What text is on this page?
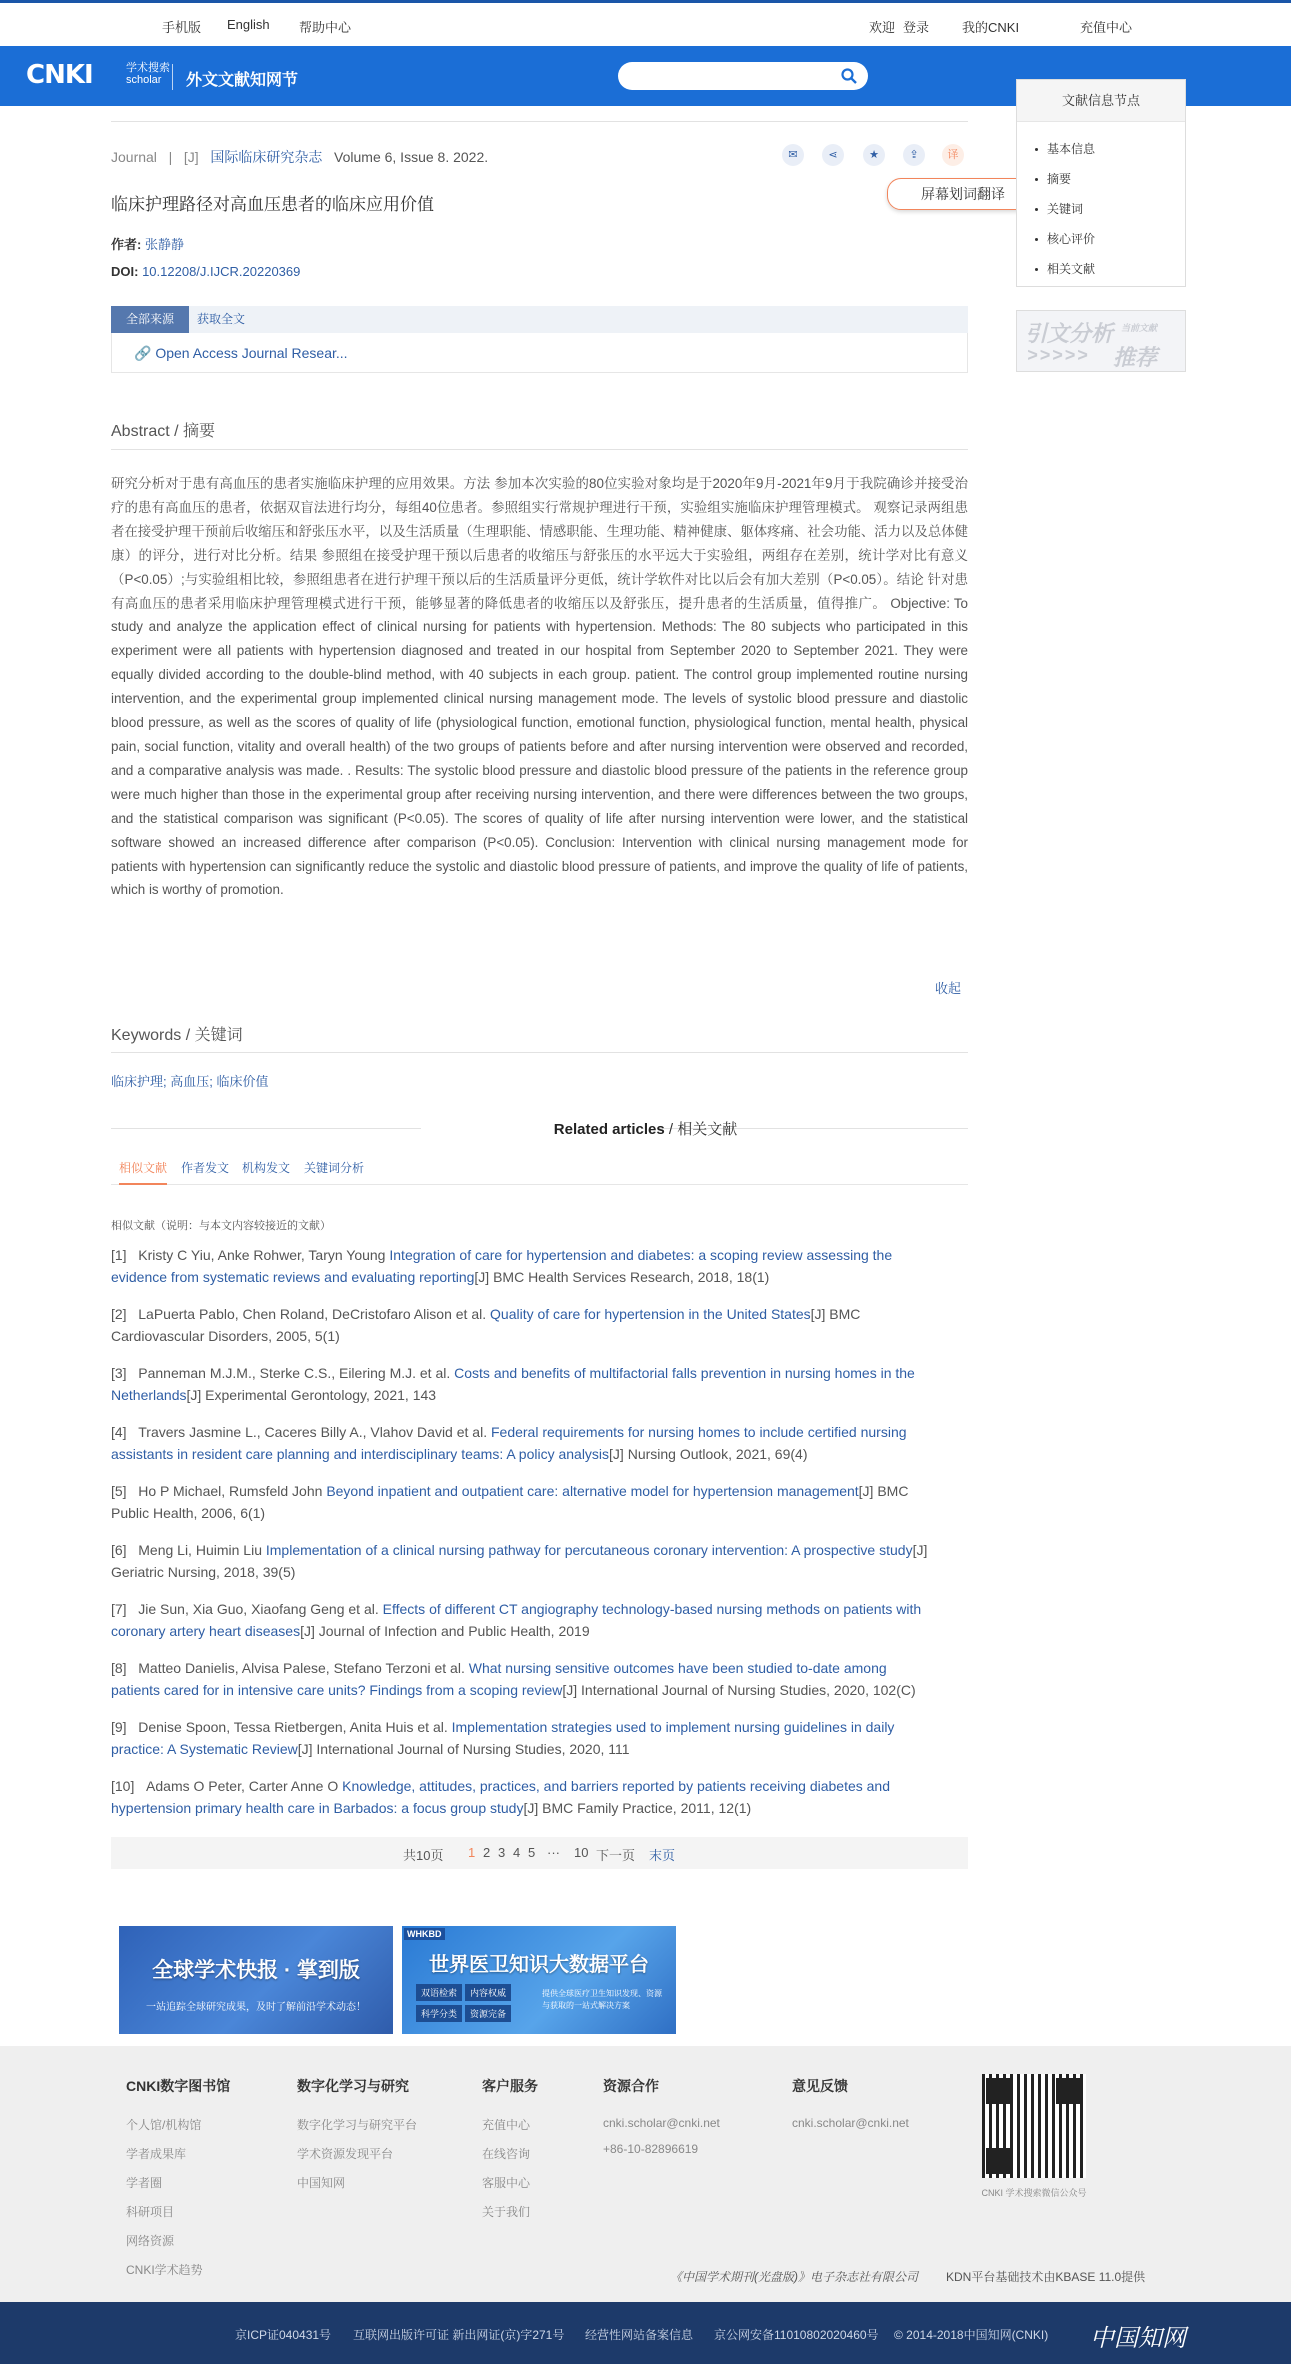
手机版 English 帮助中心	欢迎 登录	我的CNKI	充值中心
CNKI	学术搜索
scholar	外文文献知网节
Journal | [J] 国际临床研究杂志 Volume 6, Issue 8. 2022.	✉	⋖	★	⇪	译
屏幕划词翻译
临床护理路径对高血压患者的临床应用价值
作者: 张静静
DOI: 10.12208/J.IJCR.20220369
全部来源	获取全文
🔗 Open Access Journal Resear...
Abstract / 摘要
研究分析对于患有高血压的患者实施临床护理的应用效果。方法 参加本次实验的80位实验对象均是于2020年9月-2021年9月于我院确诊并接受治疗的患有高血压的患者，依据双盲法进行均分，每组40位患者。参照组实行常规护理进行干预，实验组实施临床护理管理模式。 观察记录两组患者在接受护理干预前后收缩压和舒张压水平，以及生活质量（生理职能、情感职能、生理功能、精神健康、躯体疼痛、社会功能、活力以及总体健康）的评分，进行对比分析。结果 参照组在接受护理干预以后患者的收缩压与舒张压的水平远大于实验组，两组存在差别，统计学对比有意义（P<0.05）;与实验组相比较，参照组患者在进行护理干预以后的生活质量评分更低，统计学软件对比以后会有加大差别（P<0.05）。结论 针对患有高血压的患者采用临床护理管理模式进行干预，能够显著的降低患者的收缩压以及舒张压，提升患者的生活质量，值得推广。 Objective: To study and analyze the application effect of clinical nursing for patients with hypertension. Methods: The 80 subjects who participated in this experiment were all patients with hypertension diagnosed and treated in our hospital from September 2020 to September 2021. They were equally divided according to the double-blind method, with 40 subjects in each group. patient. The control group implemented routine nursing intervention, and the experimental group implemented clinical nursing management mode. The levels of systolic blood pressure and diastolic blood pressure, as well as the scores of quality of life (physiological function, emotional function, physiological function, mental health, physical pain, social function, vitality and overall health) of the two groups of patients before and after nursing intervention were observed and recorded, and a comparative analysis was made. . Results: The systolic blood pressure and diastolic blood pressure of the patients in the reference group were much higher than those in the experimental group after receiving nursing intervention, and there were differences between the two groups, and the statistical comparison was significant (P<0.05). The scores of quality of life after nursing intervention were lower, and the statistical software showed an increased difference after comparison (P<0.05). Conclusion: Intervention with clinical nursing management mode for patients with hypertension can significantly reduce the systolic and diastolic blood pressure of patients, and improve the quality of life of patients, which is worthy of promotion.
收起
Keywords / 关键词
临床护理; 高血压; 临床价值
Related articles / 相关文献
相似文献 作者发文 机构发文 关键词分析
相似文献（说明：与本文内容较接近的文献）
[1] Kristy C Yiu, Anke Rohwer, Taryn Young Integration of care for hypertension and diabetes: a scoping review assessing the evidence from systematic reviews and evaluating reporting[J] BMC Health Services Research, 2018, 18(1)
[2] LaPuerta Pablo, Chen Roland, DeCristofaro Alison et al. Quality of care for hypertension in the United States[J] BMC Cardiovascular Disorders, 2005, 5(1)
[3] Panneman M.J.M., Sterke C.S., Eilering M.J. et al. Costs and benefits of multifactorial falls prevention in nursing homes in the Netherlands[J] Experimental Gerontology, 2021, 143
[4] Travers Jasmine L., Caceres Billy A., Vlahov David et al. Federal requirements for nursing homes to include certified nursing assistants in resident care planning and interdisciplinary teams: A policy analysis[J] Nursing Outlook, 2021, 69(4)
[5] Ho P Michael, Rumsfeld John Beyond inpatient and outpatient care: alternative model for hypertension management[J] BMC Public Health, 2006, 6(1)
[6] Meng Li, Huimin Liu Implementation of a clinical nursing pathway for percutaneous coronary intervention: A prospective study[J] Geriatric Nursing, 2018, 39(5)
[7] Jie Sun, Xia Guo, Xiaofang Geng et al. Effects of different CT angiography technology-based nursing methods on patients with coronary artery heart diseases[J] Journal of Infection and Public Health, 2019
[8] Matteo Danielis, Alvisa Palese, Stefano Terzoni et al. What nursing sensitive outcomes have been studied to-date among patients cared for in intensive care units? Findings from a scoping review[J] International Journal of Nursing Studies, 2020, 102(C)
[9] Denise Spoon, Tessa Rietbergen, Anita Huis et al. Implementation strategies used to implement nursing guidelines in daily practice: A Systematic Review[J] International Journal of Nursing Studies, 2020, 111
[10] Adams O Peter, Carter Anne O Knowledge, attitudes, practices, and barriers reported by patients receiving diabetes and hypertension primary health care in Barbados: a focus group study[J] BMC Family Practice, 2011, 12(1)
共10页 1 2 3 4 5 ··· 10 下一页 末页
全球学术快报 · 掌到版
一站追踪全球研究成果，及时了解前沿学术动态！
WHKBD
世界医卫知识大数据平台
双语检索 内容权威 科学分类 资源完备
提供全球医疗卫生知识发现、资源与获取的一站式解决方案
CNKI数字图书馆
个人馆/机构馆
学者成果库
学者圈
科研项目
网络资源
CNKI学术趋势
数字化学习与研究
数字化学习与研究平台
学术资源发现平台
中国知网
客户服务
充值中心
在线咨询
客服中心
关于我们
资源合作
cnki.scholar@cnki.net
+86-10-82896619
意见反馈
cnki.scholar@cnki.net
CNKI 学术搜索微信公众号
《中国学术期刊(光盘版)》电子杂志社有限公司 KDN平台基础技术由KBASE 11.0提供
京ICP证040431号 互联网出版许可证 新出网证(京)字271号 经营性网站备案信息 京公网安备11010802020460号 © 2014-2018中国知网(CNKI) 中国知网
文献信息节点
基本信息
摘要
关键词
核心评价
相关文献
引文分析 当前文献
>>>>> 推荐
